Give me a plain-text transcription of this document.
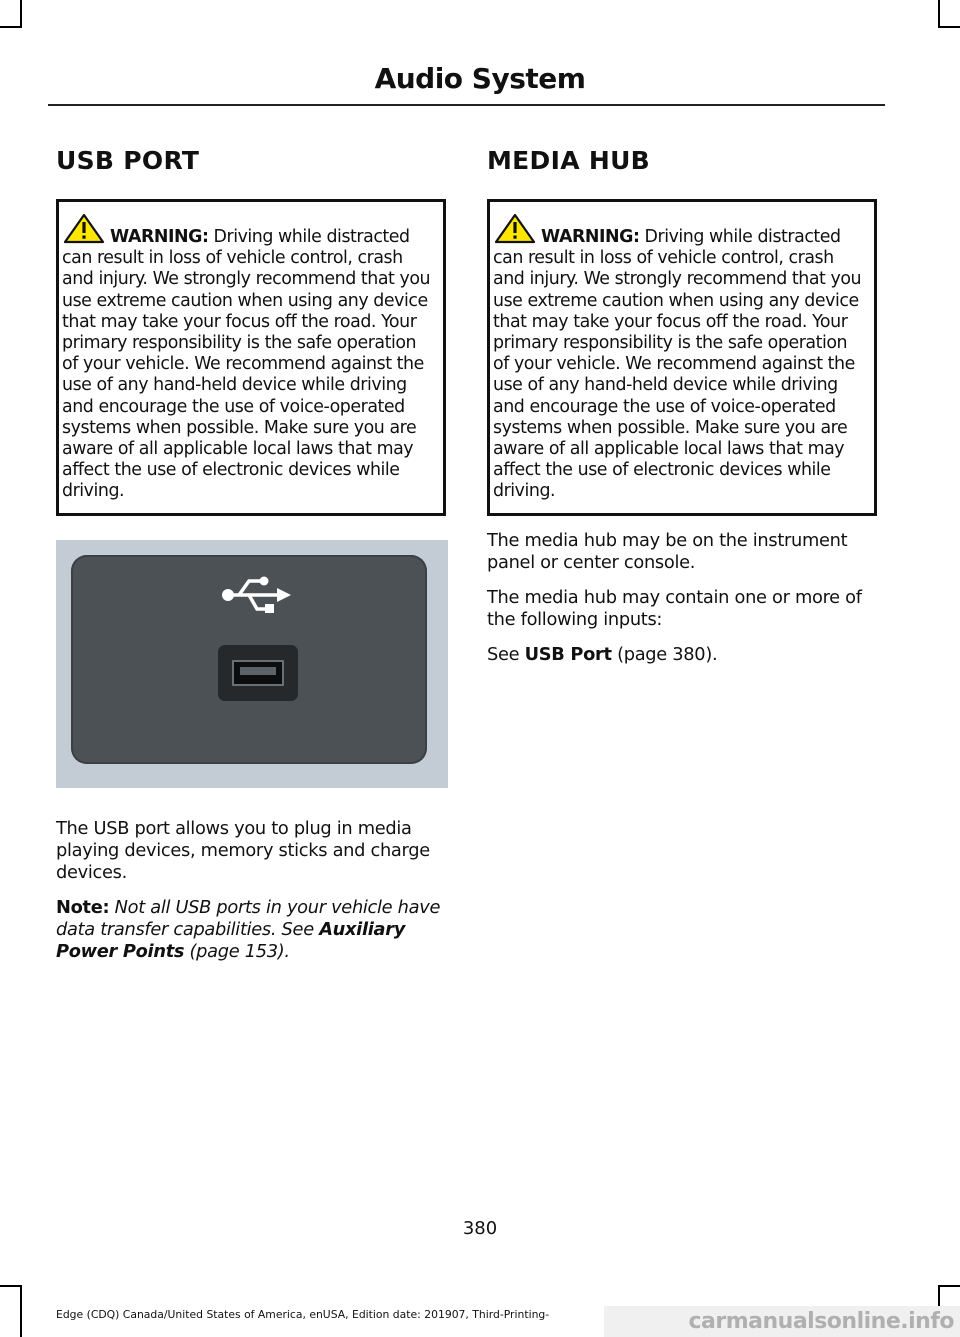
Audio System
USB PORT
WARNING: Driving while distracted can result in loss of vehicle control, crash and injury. We strongly recommend that you use extreme caution when using any device that may take your focus off the road. Your primary responsibility is the safe operation of your vehicle. We recommend against the use of any hand-held device while driving and encourage the use of voice-operated systems when possible. Make sure you are aware of all applicable local laws that may affect the use of electronic devices while driving.

The USB port allows you to plug in media playing devices, memory sticks and charge devices.

Note: Not all USB ports in your vehicle have data transfer capabilities. See Auxiliary Power Points (page 153).

MEDIA HUB
WARNING: Driving while distracted can result in loss of vehicle control, crash and injury. We strongly recommend that you use extreme caution when using any device that may take your focus off the road. Your primary responsibility is the safe operation of your vehicle. We recommend against the use of any hand-held device while driving and encourage the use of voice-operated systems when possible. Make sure you are aware of all applicable local laws that may affect the use of electronic devices while driving.

The media hub may be on the instrument panel or center console.

The media hub may contain one or more of the following inputs:

See USB Port (page 380).

380

Edge (CDQ) Canada/United States of America, enUSA, Edition date: 201907, Third-Printing-	carmanualsonline.info
